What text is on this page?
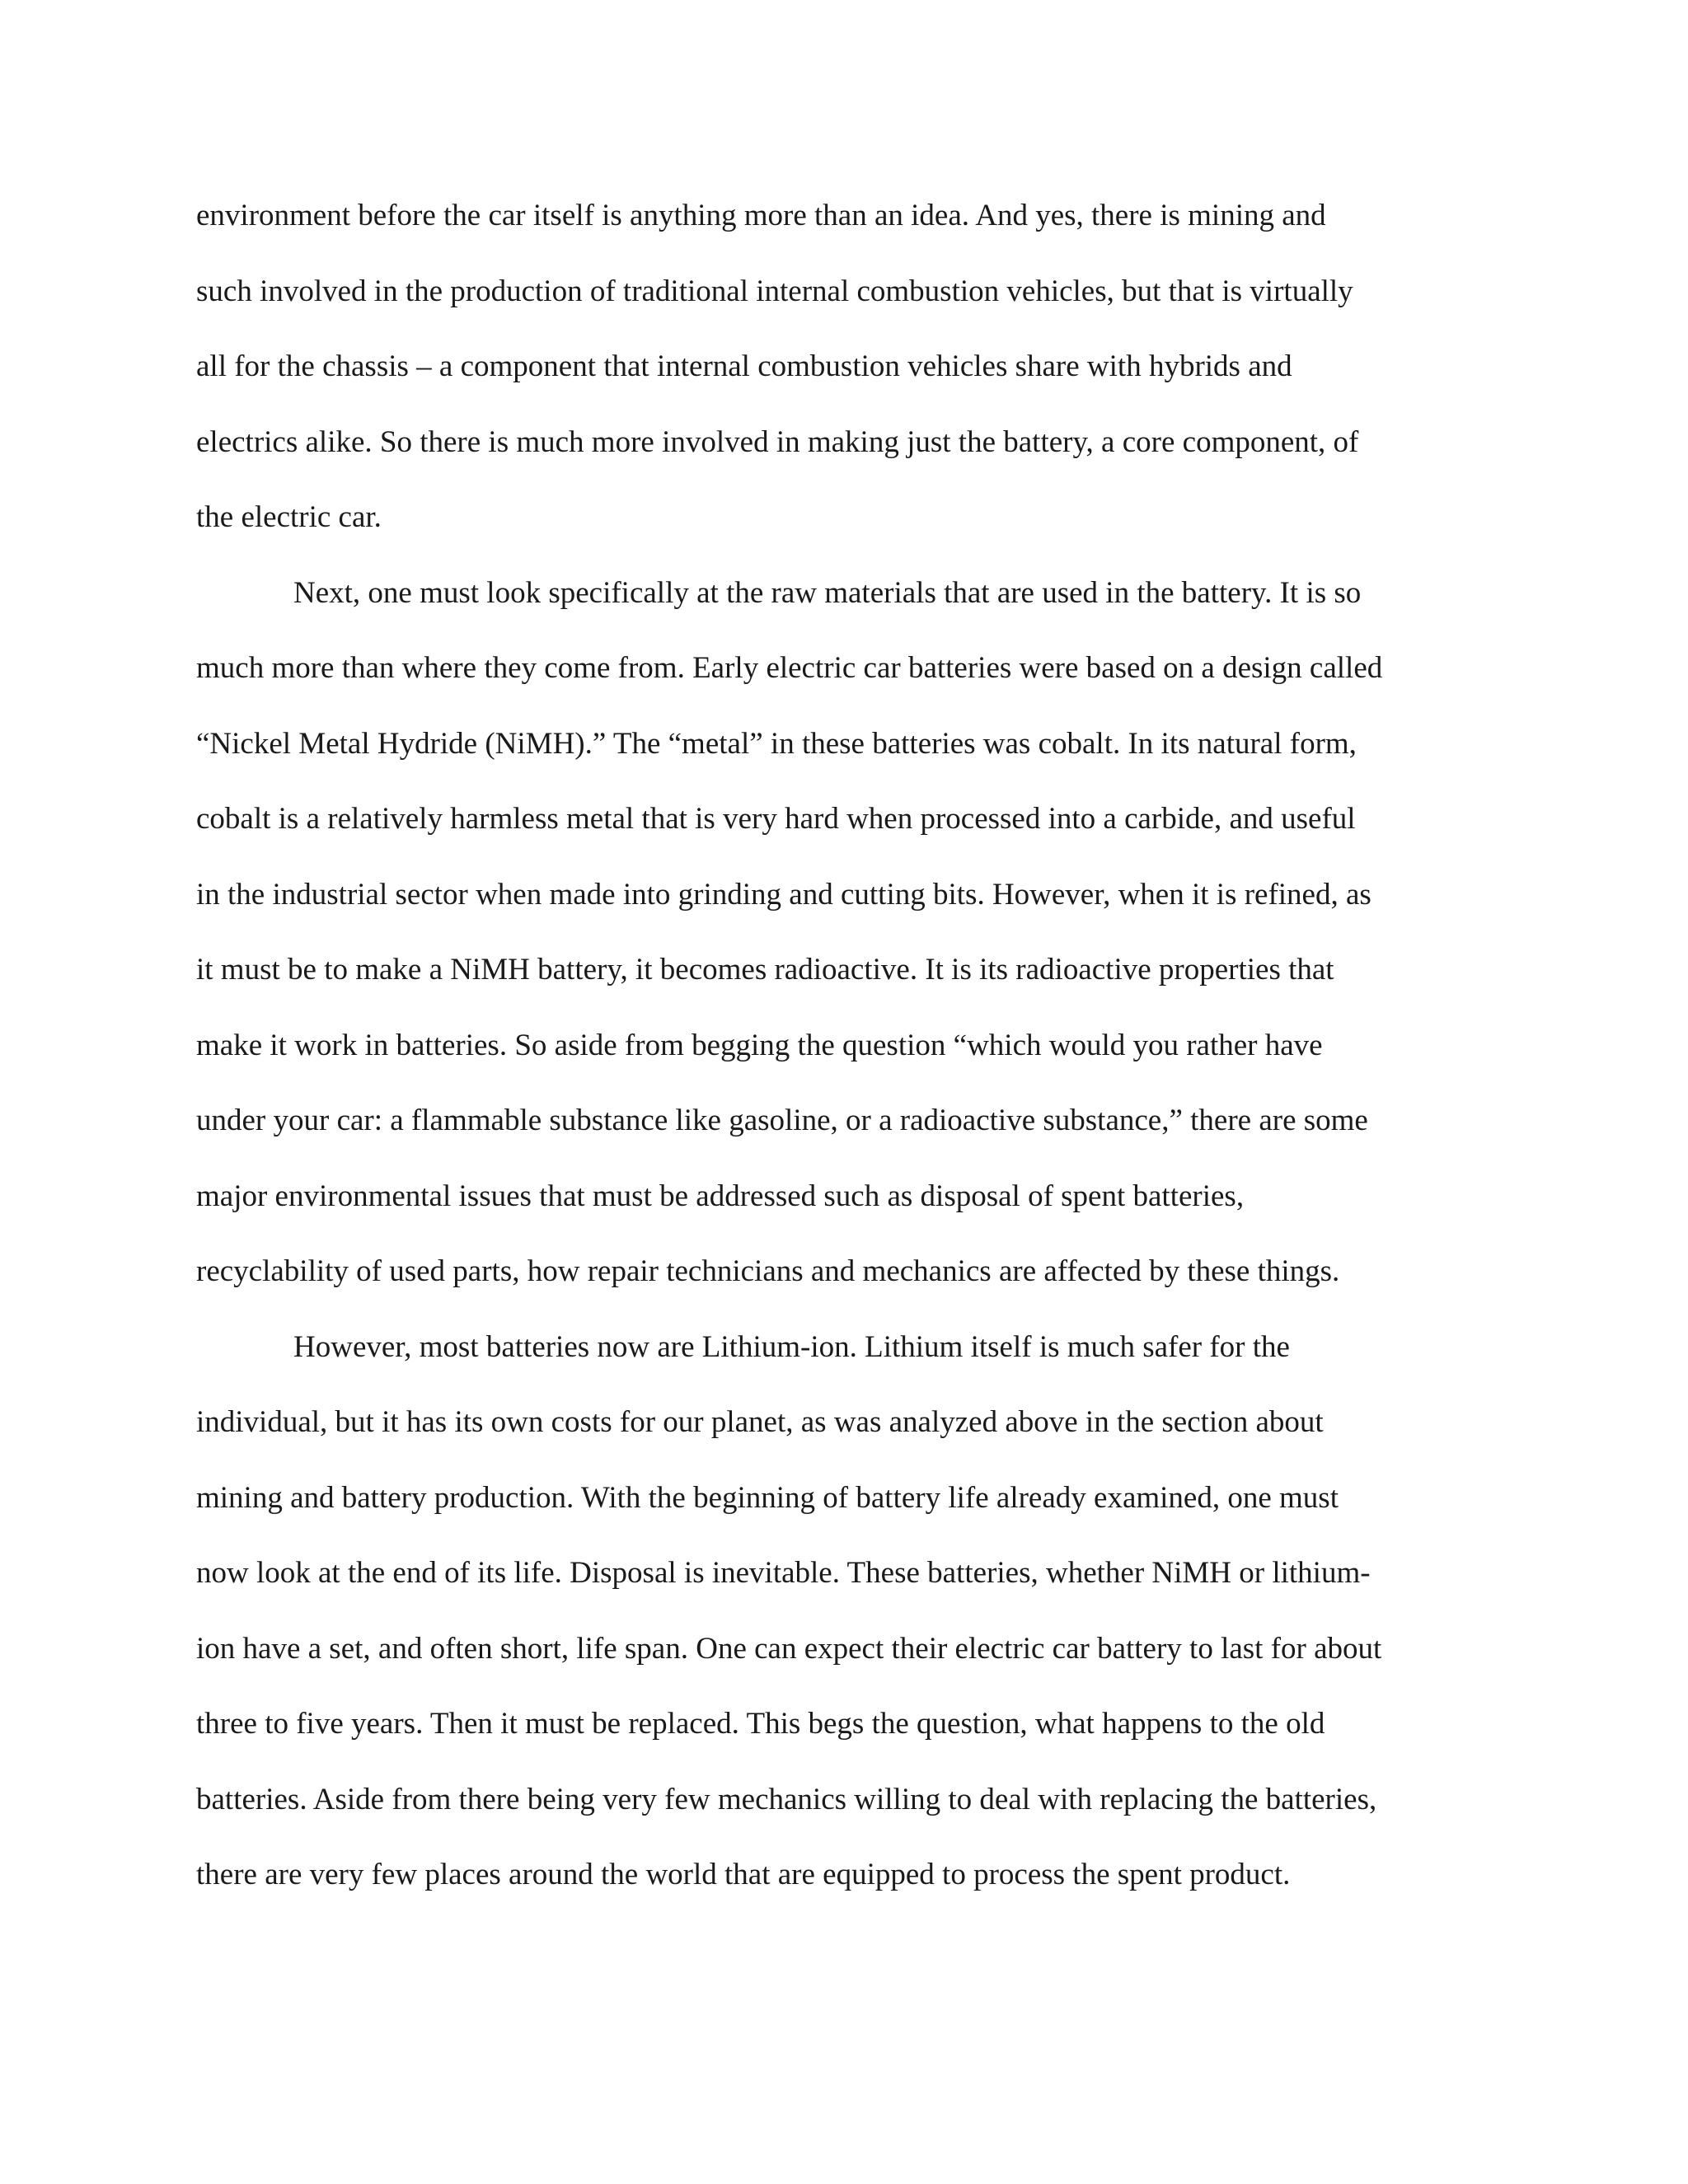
environment before the car itself is anything more than an idea. And yes, there is mining and
such involved in the production of traditional internal combustion vehicles, but that is virtually
all for the chassis – a component that internal combustion vehicles share with hybrids and
electrics alike. So there is much more involved in making just the battery, a core component, of
the electric car.
Next, one must look specifically at the raw materials that are used in the battery. It is so
much more than where they come from. Early electric car batteries were based on a design called
“Nickel Metal Hydride (NiMH).” The “metal” in these batteries was cobalt. In its natural form,
cobalt is a relatively harmless metal that is very hard when processed into a carbide, and useful
in the industrial sector when made into grinding and cutting bits. However, when it is refined, as
it must be to make a NiMH battery, it becomes radioactive. It is its radioactive properties that
make it work in batteries. So aside from begging the question “which would you rather have
under your car: a flammable substance like gasoline, or a radioactive substance,” there are some
major environmental issues that must be addressed such as disposal of spent batteries,
recyclability of used parts, how repair technicians and mechanics are affected by these things.
However, most batteries now are Lithium-ion. Lithium itself is much safer for the
individual, but it has its own costs for our planet, as was analyzed above in the section about
mining and battery production. With the beginning of battery life already examined, one must
now look at the end of its life. Disposal is inevitable. These batteries, whether NiMH or lithium-
ion have a set, and often short, life span. One can expect their electric car battery to last for about
three to five years. Then it must be replaced. This begs the question, what happens to the old
batteries. Aside from there being very few mechanics willing to deal with replacing the batteries,
there are very few places around the world that are equipped to process the spent product.
